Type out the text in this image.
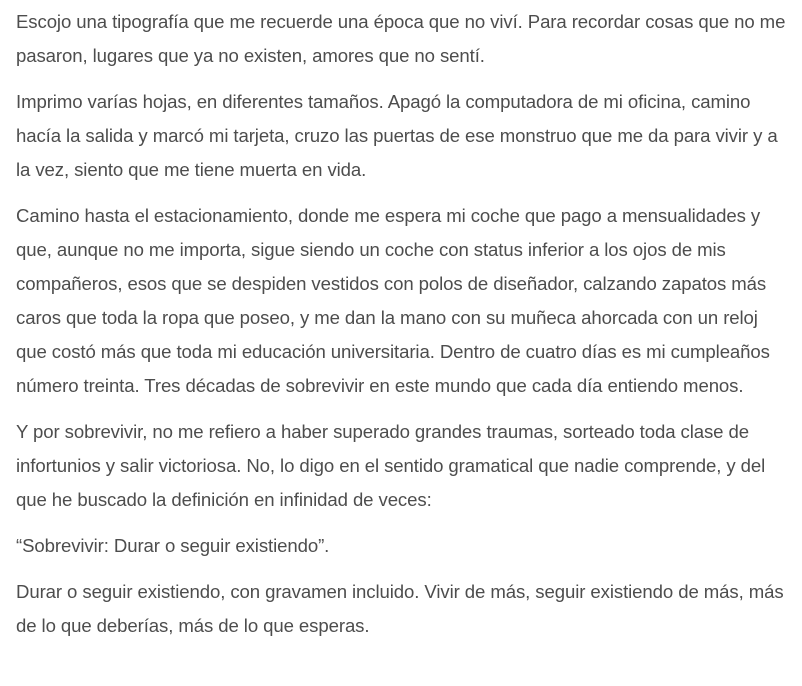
Escojo una tipografía que me recuerde una época que no viví. Para recordar cosas que no me pasaron, lugares que ya no existen, amores que no sentí.

Imprimo varías hojas, en diferentes tamaños. Apagó la computadora de mi oficina, camino hacía la salida y marcó mi tarjeta, cruzo las puertas de ese monstruo que me da para vivir y a la vez, siento que me tiene muerta en vida.

Camino hasta el estacionamiento, donde me espera mi coche que pago a mensualidades y que, aunque no me importa, sigue siendo un coche con status inferior a los ojos de mis compañeros, esos que se despiden vestidos con polos de diseñador, calzando zapatos más caros que toda la ropa que poseo, y me dan la mano con su muñeca ahorcada con un reloj que costó más que toda mi educación universitaria. Dentro de cuatro días es mi cumpleaños número treinta. Tres décadas de sobrevivir en este mundo que cada día entiendo menos.

Y por sobrevivir, no me refiero a haber superado grandes traumas, sorteado toda clase de infortunios y salir victoriosa. No, lo digo en el sentido gramatical que nadie comprende, y del que he buscado la definición en infinidad de veces:

“Sobrevivir: Durar o seguir existiendo”.

Durar o seguir existiendo, con gravamen incluido. Vivir de más, seguir existiendo de más, más de lo que deberías, más de lo que esperas.
